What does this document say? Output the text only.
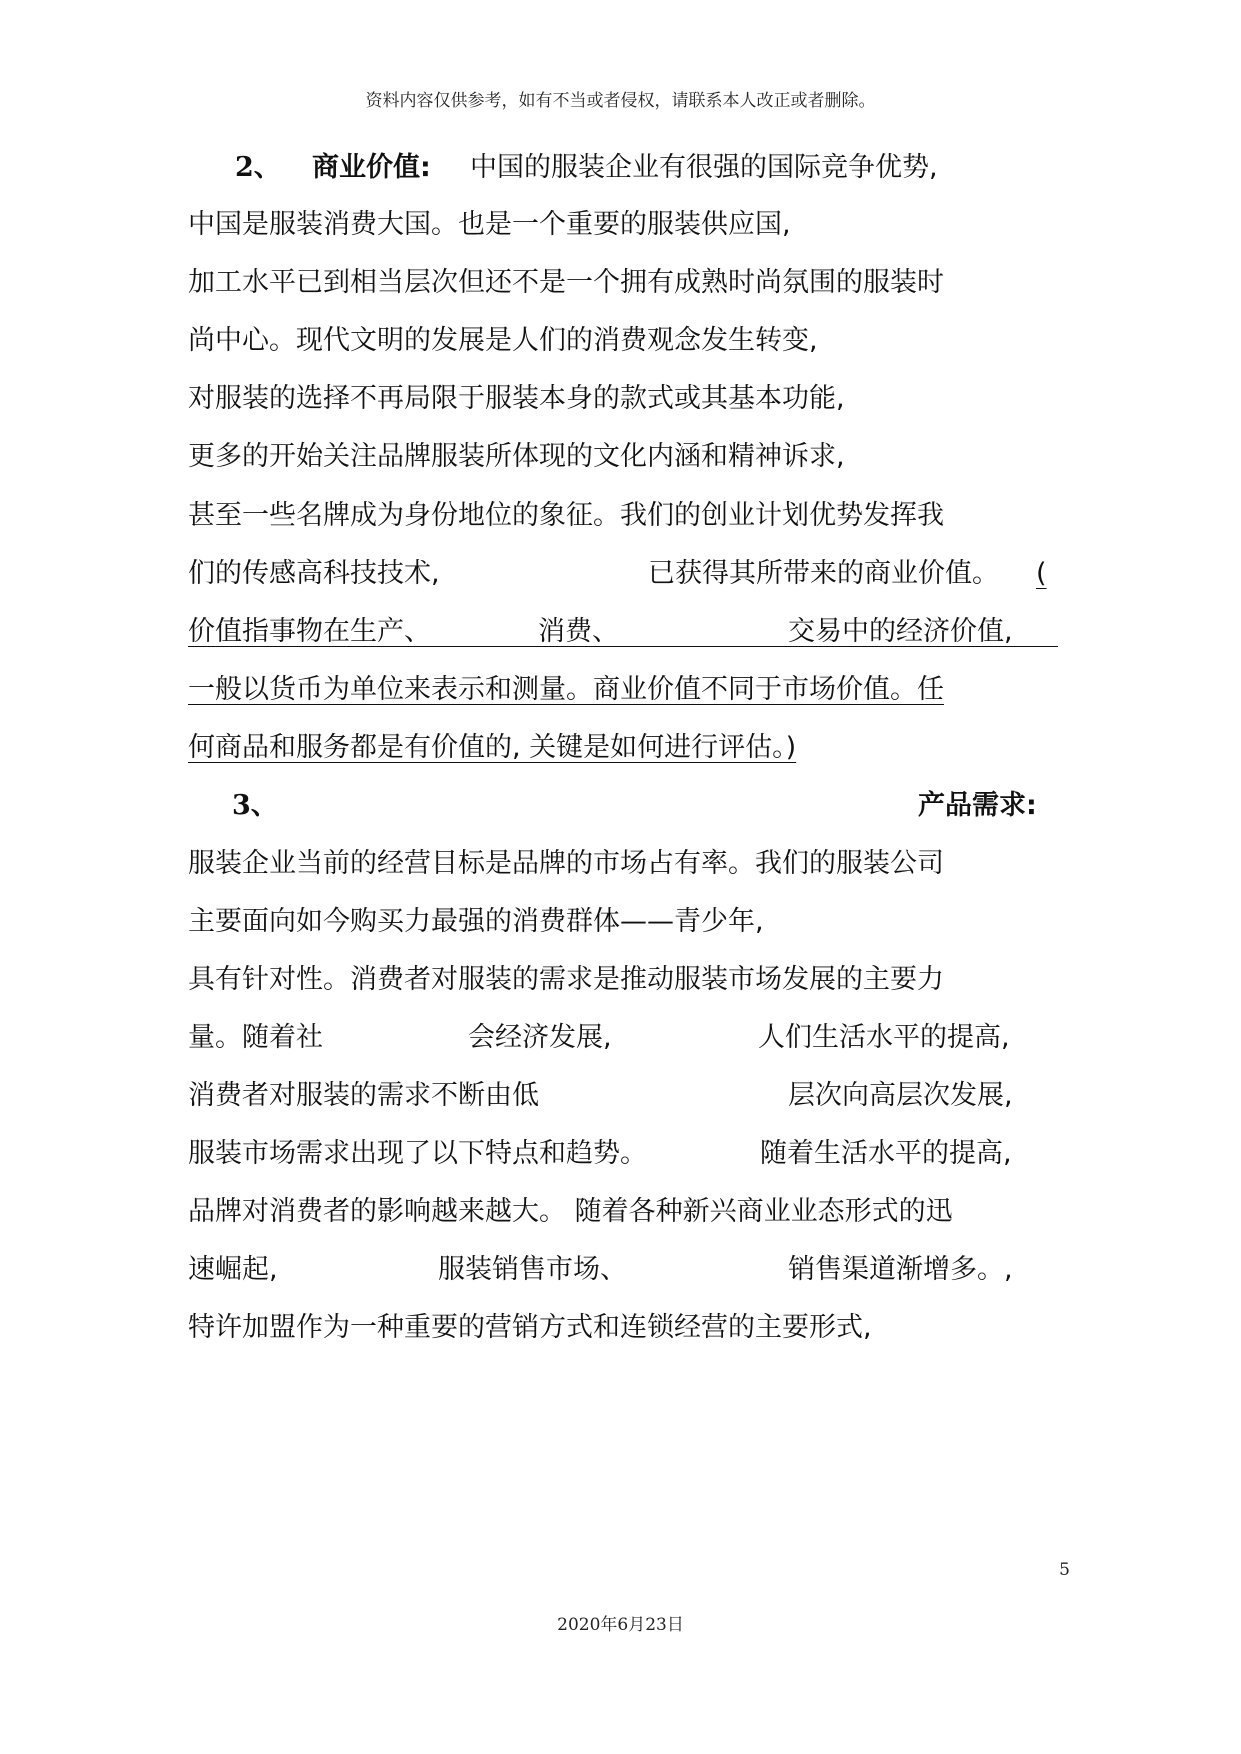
资料内容仅供参考，如有不当或者侵权，请联系本人改正或者删除。
2、 商业价值: 中国的服装企业有很强的国际竞争优势,
中国是服装消费大国。也是一个重要的服装供应国,
加工水平已到相当层次但还不是一个拥有成熟时尚氛围的服装时
尚中心。现代文明的发展是人们的消费观念发生转变,
对服装的选择不再局限于服装本身的款式或其基本功能,
更多的开始关注品牌服装所体现的文化内涵和精神诉求,
甚至一些名牌成为身份地位的象征。我们的创业计划优势发挥我
们的传感高科技技术,	已获得其所带来的商业价值。 (
价值指事物在生产、	消费、	交易中的经济价值,
一般以货币为单位来表示和测量。商业价值不同于市场价值。任
何商品和服务都是有价值的, 关键是如何进行评估。)
3、	产品需求:
服装企业当前的经营目标是品牌的市场占有率。我们的服装公司
主要面向如今购买力最强的消费群体——青少年,
具有针对性。消费者对服装的需求是推动服装市场发展的主要力
量。随着社	会经济发展,	人们生活水平的提高,
消费者对服装的需求不断由低	层次向高层次发展,
服装市场需求出现了以下特点和趋势。	随着生活水平的提高,
品牌对消费者的影响越来越大。 随着各种新兴商业业态形式的迅
速崛起,	服装销售市场、	销售渠道渐增多。,
特许加盟作为一种重要的营销方式和连锁经营的主要形式,
5
2020年6月23日
